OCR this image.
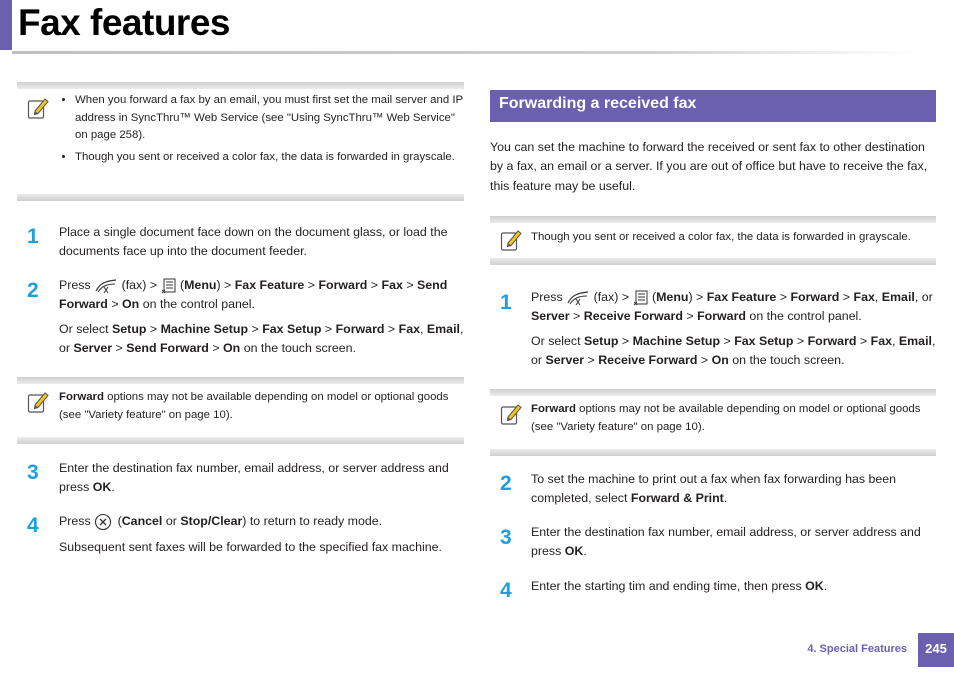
Fax features
• When you forward a fax by an email, you must first set the mail server and IP address in SyncThru™ Web Service (see "Using SyncThru™ Web Service" on page 258).
• Though you sent or received a color fax, the data is forwarded in grayscale.
1 Place a single document face down on the document glass, or load the documents face up into the document feeder.

2 Press (fax) > (Menu) > Fax Feature > Forward > Fax > Send Forward > On on the control panel.

Or select Setup > Machine Setup > Fax Setup > Forward > Fax, Email, or Server > Send Forward > On on the touch screen.

Forward options may not be available depending on model or optional goods (see "Variety feature" on page 10).
3 Enter the destination fax number, email address, or server address and press OK.

4 Press (Cancel or Stop/Clear) to return to ready mode.

Subsequent sent faxes will be forwarded to the specified fax machine.

Forwarding a received fax

You can set the machine to forward the received or sent fax to other destination by a fax, an email or a server. If you are out of office but have to receive the fax, this feature may be useful.

Though you sent or received a color fax, the data is forwarded in grayscale.
1 Press (fax) > (Menu) > Fax Feature > Forward > Fax, Email, or Server > Receive Forward > Forward on the control panel.

Or select Setup > Machine Setup > Fax Setup > Forward > Fax, Email, or Server > Receive Forward > On on the touch screen.

Forward options may not be available depending on model or optional goods (see "Variety feature" on page 10).
2 To set the machine to print out a fax when fax forwarding has been completed, select Forward & Print.

3 Enter the destination fax number, email address, or server address and press OK.

4 Enter the starting tim and ending time, then press OK.

4. Special Features	245
